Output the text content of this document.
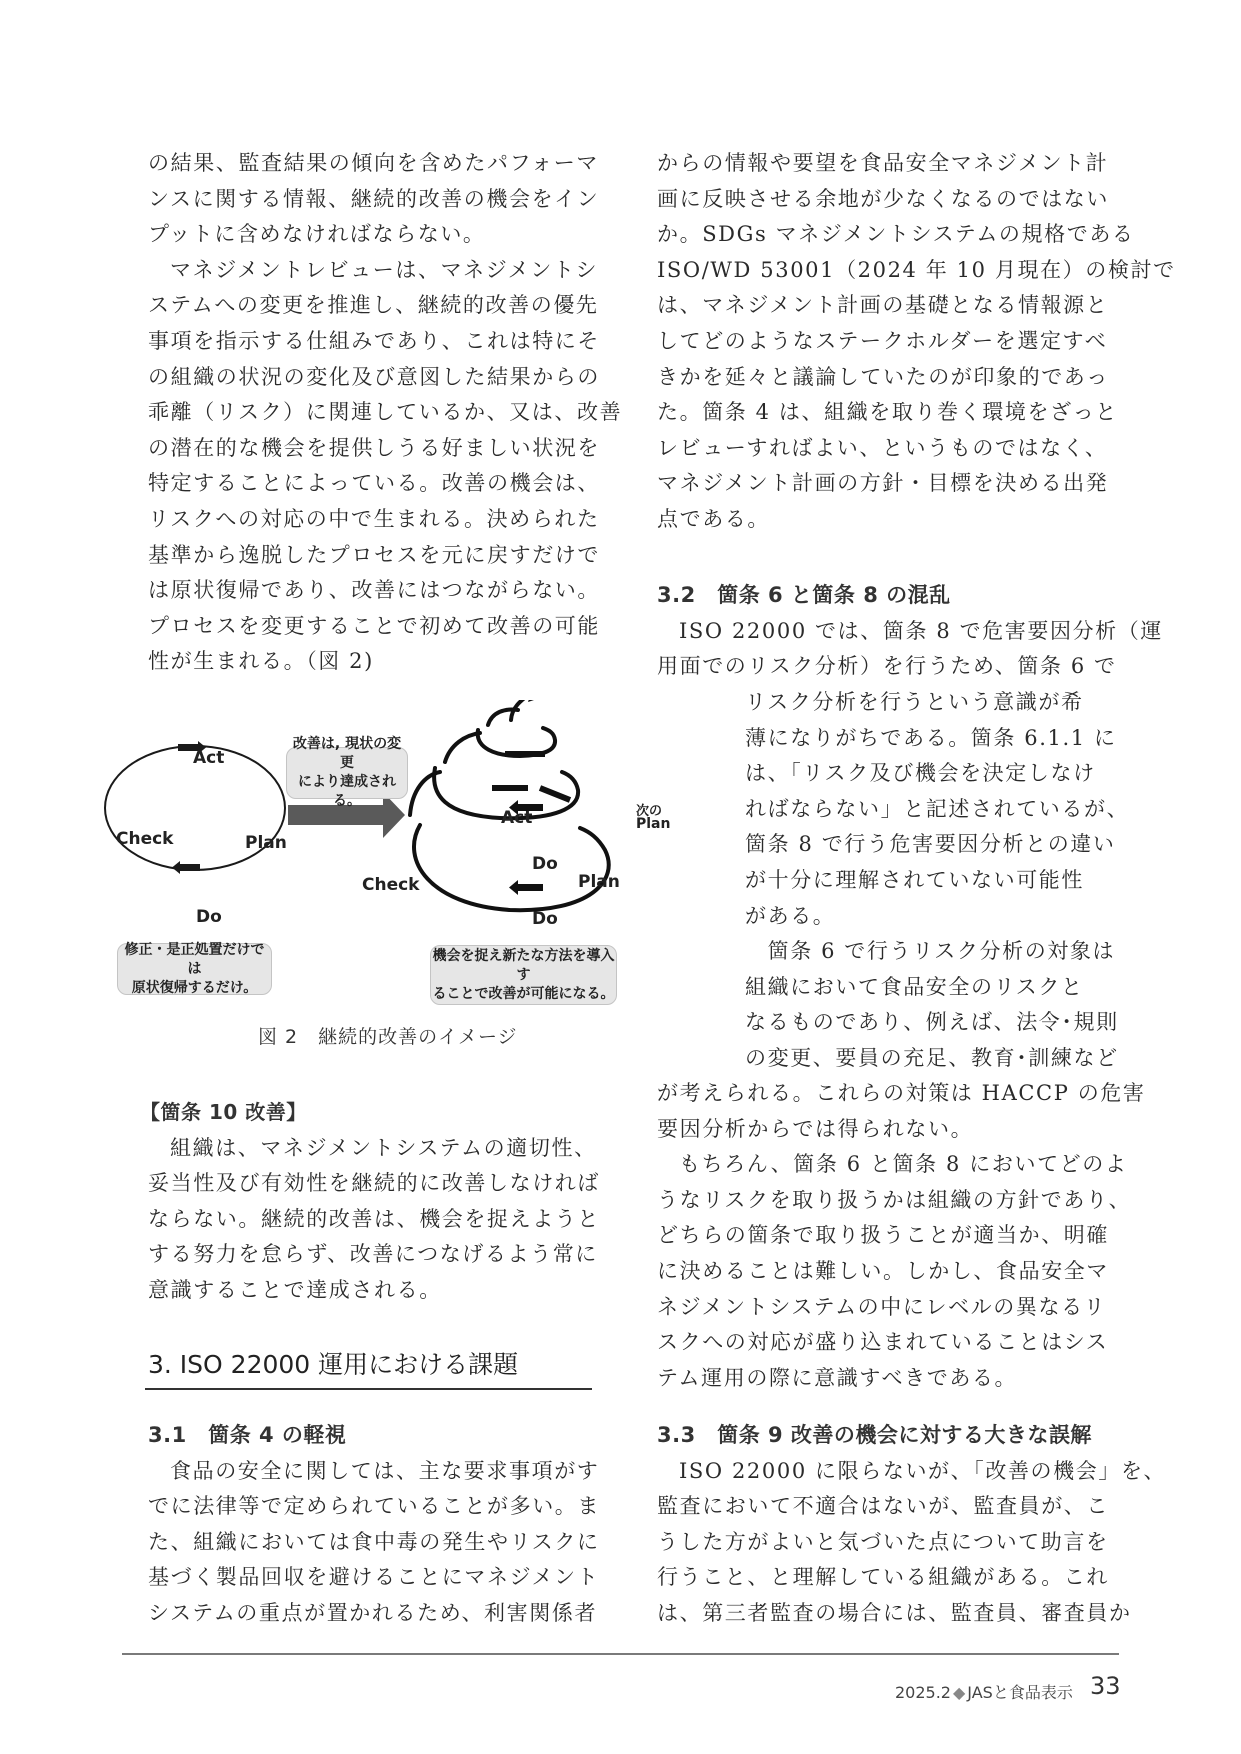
の結果、監査結果の傾向を含めたパフォーマ

ンスに関する情報、継続的改善の機会をイン

プットに含めなければならない。

マネジメントレビューは、マネジメントシ

ステムへの変更を推進し、継続的改善の優先

事項を指示する仕組みであり、これは特にそ

の組織の状況の変化及び意図した結果からの

乖離（リスク）に関連しているか、又は、改善

の潜在的な機会を提供しうる好ましい状況を

特定することによっている。改善の機会は、

リスクへの対応の中で生まれる。決められた

基準から逸脱したプロセスを元に戻すだけで

は原状復帰であり、改善にはつながらない。

プロセスを変更することで初めて改善の可能

性が生まれる。（図 2)

Act
Check	Plan
Do
修正・是正処置だけでは
原状復帰するだけ。
改善は, 現状の変更
により達成される。
Act	次の
Plan
Do
Check	Plan
Do
機会を捉え新たな方法を導入す
ることで改善が可能になる。
図 2　継続的改善のイメージ

【箇条 10 改善】

組織は、マネジメントシステムの適切性、

妥当性及び有効性を継続的に改善しなければ

ならない。継続的改善は、機会を捉えようと

する努力を怠らず、改善につなげるよう常に

意識することで達成される。

3. ISO 22000 運用における課題

3.1　箇条 4 の軽視

食品の安全に関しては、主な要求事項がす

でに法律等で定められていることが多い。ま

た、組織においては食中毒の発生やリスクに

基づく製品回収を避けることにマネジメント

システムの重点が置かれるため、利害関係者

からの情報や要望を食品安全マネジメント計

画に反映させる余地が少なくなるのではない

か。SDGs マネジメントシステムの規格である

ISO/WD 53001（2024 年 10 月現在）の検討で

は、マネジメント計画の基礎となる情報源と

してどのようなステークホルダーを選定すべ

きかを延々と議論していたのが印象的であっ

た。箇条 4 は、組織を取り巻く環境をざっと

レビューすればよい、というものではなく、

マネジメント計画の方針・目標を決める出発

点である。

3.2　箇条 6 と箇条 8 の混乱

ISO 22000 では、箇条 8 で危害要因分析（運

用面でのリスク分析）を行うため、箇条 6 で

リスク分析を行うという意識が希

薄になりがちである。箇条 6.1.1 に

は、「リスク及び機会を決定しなけ

ればならない」と記述されているが、

箇条 8 で行う危害要因分析との違い

が十分に理解されていない可能性

がある。

　箇条 6 で行うリスク分析の対象は

組織において食品安全のリスクと

なるものであり、例えば、法令･規則

の変更、要員の充足、教育･訓練など

が考えられる。これらの対策は HACCP の危害

要因分析からでは得られない。

もちろん、箇条 6 と箇条 8 においてどのよ

うなリスクを取り扱うかは組織の方針であり、

どちらの箇条で取り扱うことが適当か、明確

に決めることは難しい。しかし、食品安全マ

ネジメントシステムの中にレベルの異なるリ

スクへの対応が盛り込まれていることはシス

テム運用の際に意識すべきである。

3.3　箇条 9 改善の機会に対する大きな誤解

ISO 22000 に限らないが、「改善の機会」を、

監査において不適合はないが、監査員が、こ

うした方がよいと気づいた点について助言を

行うこと、と理解している組織がある。これ

は、第三者監査の場合には、監査員、審査員か

2025.2 ◆ JASと食品表示 33
